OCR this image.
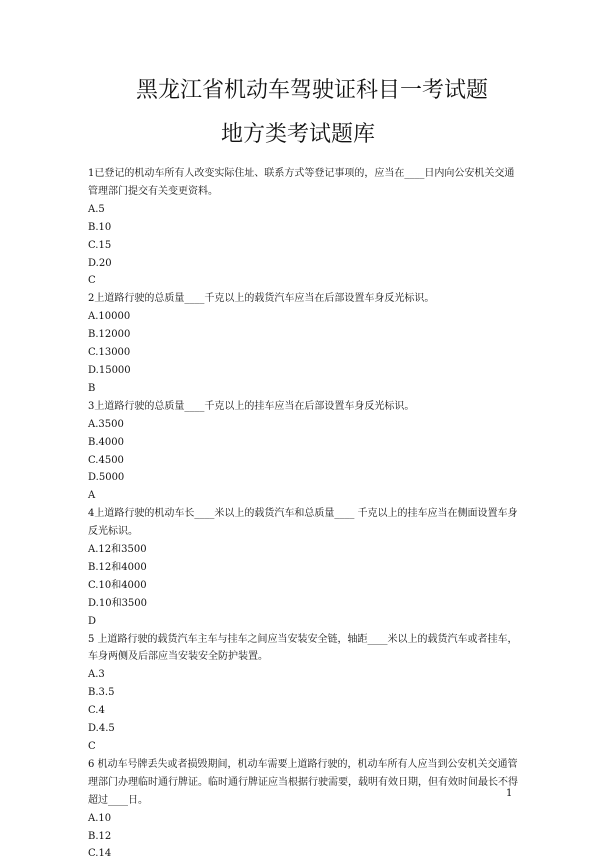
黑龙江省机动车驾驶证科目一考试题
地方类考试题库

1已登记的机动车所有人改变实际住址、联系方式等登记事项的，应当在____日内向公安机关交通管理部门提交有关变更资料。

A.5

B.10

C.15

D.20

C

2上道路行驶的总质量____千克以上的载货汽车应当在后部设置车身反光标识。

A.10000

B.12000

C.13000

D.15000

B

3上道路行驶的总质量____千克以上的挂车应当在后部设置车身反光标识。

A.3500

B.4000

C.4500

D.5000

A

4上道路行驶的机动车长____米以上的载货汽车和总质量____ 千克以上的挂车应当在侧面设置车身反光标识。

A.12和3500

B.12和4000

C.10和4000

D.10和3500

D

5 上道路行驶的载货汽车主车与挂车之间应当安装安全链，轴距____米以上的载货汽车或者挂车，车身两侧及后部应当安装安全防护装置。

A.3

B.3.5

C.4

D.4.5

C

6 机动车号牌丢失或者损毁期间，机动车需要上道路行驶的，机动车所有人应当到公安机关交通管理部门办理临时通行牌证。临时通行牌证应当根据行驶需要，载明有效日期，但有效时间最长不得超过____日。

A.10

B.12

C.14

1
